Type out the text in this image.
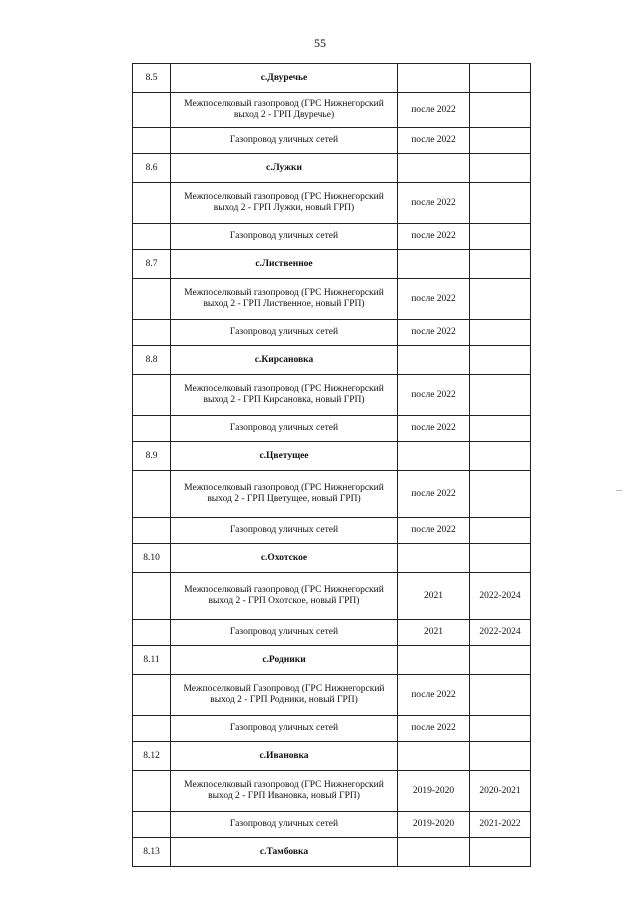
55
8.5	с.Двуречье		
	Межпоселковый газопровод (ГРС Нижнегорский выход 2 - ГРП Двуречье)	после 2022	
	Газопровод уличных сетей	после 2022	
8.6	с.Лужки		
	Межпоселковый газопровод (ГРС Нижнегорский выход 2 - ГРП Лужки, новый ГРП)	после 2022	
	Газопровод уличных сетей	после 2022	
8.7	с.Лиственное		
	Межпоселковый газопровод (ГРС Нижнегорский выход 2 - ГРП Лиственное, новый ГРП)	после 2022	
	Газопровод уличных сетей	после 2022	
8.8	с.Кирсановка		
	Межпоселковый газопровод (ГРС Нижнегорский выход 2 - ГРП Кирсановка, новый ГРП)	после 2022	
	Газопровод уличных сетей	после 2022	
8.9	с.Цветущее		
	Межпоселковый газопровод (ГРС Нижнегорский выход 2 - ГРП Цветущее, новый ГРП)	после 2022	
	Газопровод уличных сетей	после 2022	
8.10	с.Охотское		
	Межпоселковый газопровод (ГРС Нижнегорский выход 2 - ГРП Охотское, новый ГРП)	2021	2022-2024
	Газопровод уличных сетей	2021	2022-2024
8.11	с.Родники		
	Межпоселковый Газопровод (ГРС Нижнегорский выход 2 - ГРП Родники, новый ГРП)	после 2022	
	Газопровод уличных сетей	после 2022	
8.12	с.Ивановка		
	Межпоселковый газопровод (ГРС Нижнегорский выход 2 - ГРП Ивановка, новый ГРП)	2019-2020	2020-2021
	Газопровод уличных сетей	2019-2020	2021-2022
8.13	с.Тамбовка		
